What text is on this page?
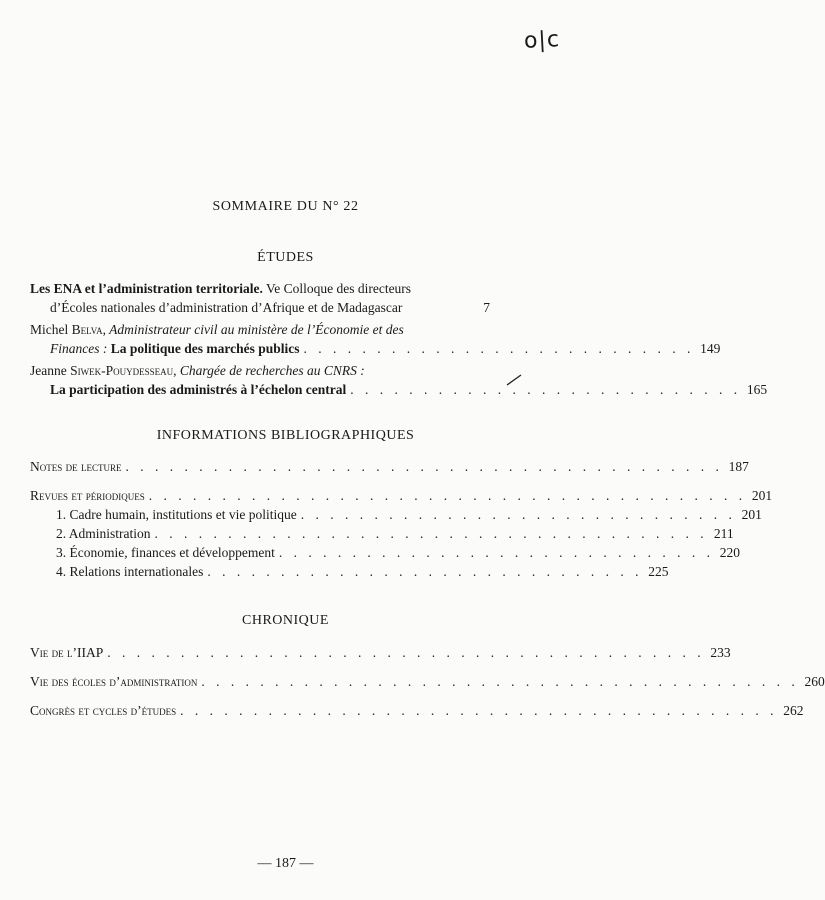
o|c
SOMMAIRE DU N° 22
ÉTUDES
Les ENA et l’administration territoriale. Ve Colloque des directeurs
d’Écoles nationales d’administration d’Afrique et de Madagascar	7
Michel Belva, Administrateur civil au ministère de l’Économie et des
Finances : La politique des marchés publics . . . . . . . . . . . . . . . . . . . . . . . . . . . 149
Jeanne Siwek-Pouydesseau, Chargée de recherches au CNRS :
La participation des administrés à l’échelon central . . . . . . . . . . . . . . . . . . . . . . . . . . . 165
INFORMATIONS BIBLIOGRAPHIQUES
Notes de lecture . . . . . . . . . . . . . . . . . . . . . . . . . . . . . . . . . . . . . . . . . 187
Revues et périodiques . . . . . . . . . . . . . . . . . . . . . . . . . . . . . . . . . . . . . . . . . 201
1. Cadre humain, institutions et vie politique . . . . . . . . . . . . . . . . . . . . . . . . . . . . . . 201
2. Administration . . . . . . . . . . . . . . . . . . . . . . . . . . . . . . . . . . . . . . 211
3. Économie, finances et développement . . . . . . . . . . . . . . . . . . . . . . . . . . . . . . 220
4. Relations internationales . . . . . . . . . . . . . . . . . . . . . . . . . . . . . . 225
CHRONIQUE
Vie de l’IIAP . . . . . . . . . . . . . . . . . . . . . . . . . . . . . . . . . . . . . . . . . 233
Vie des écoles d’administration . . . . . . . . . . . . . . . . . . . . . . . . . . . . . . . . . . . . . . . . . 260
Congrès et cycles d’études . . . . . . . . . . . . . . . . . . . . . . . . . . . . . . . . . . . . . . . . . 262
— 187 —
